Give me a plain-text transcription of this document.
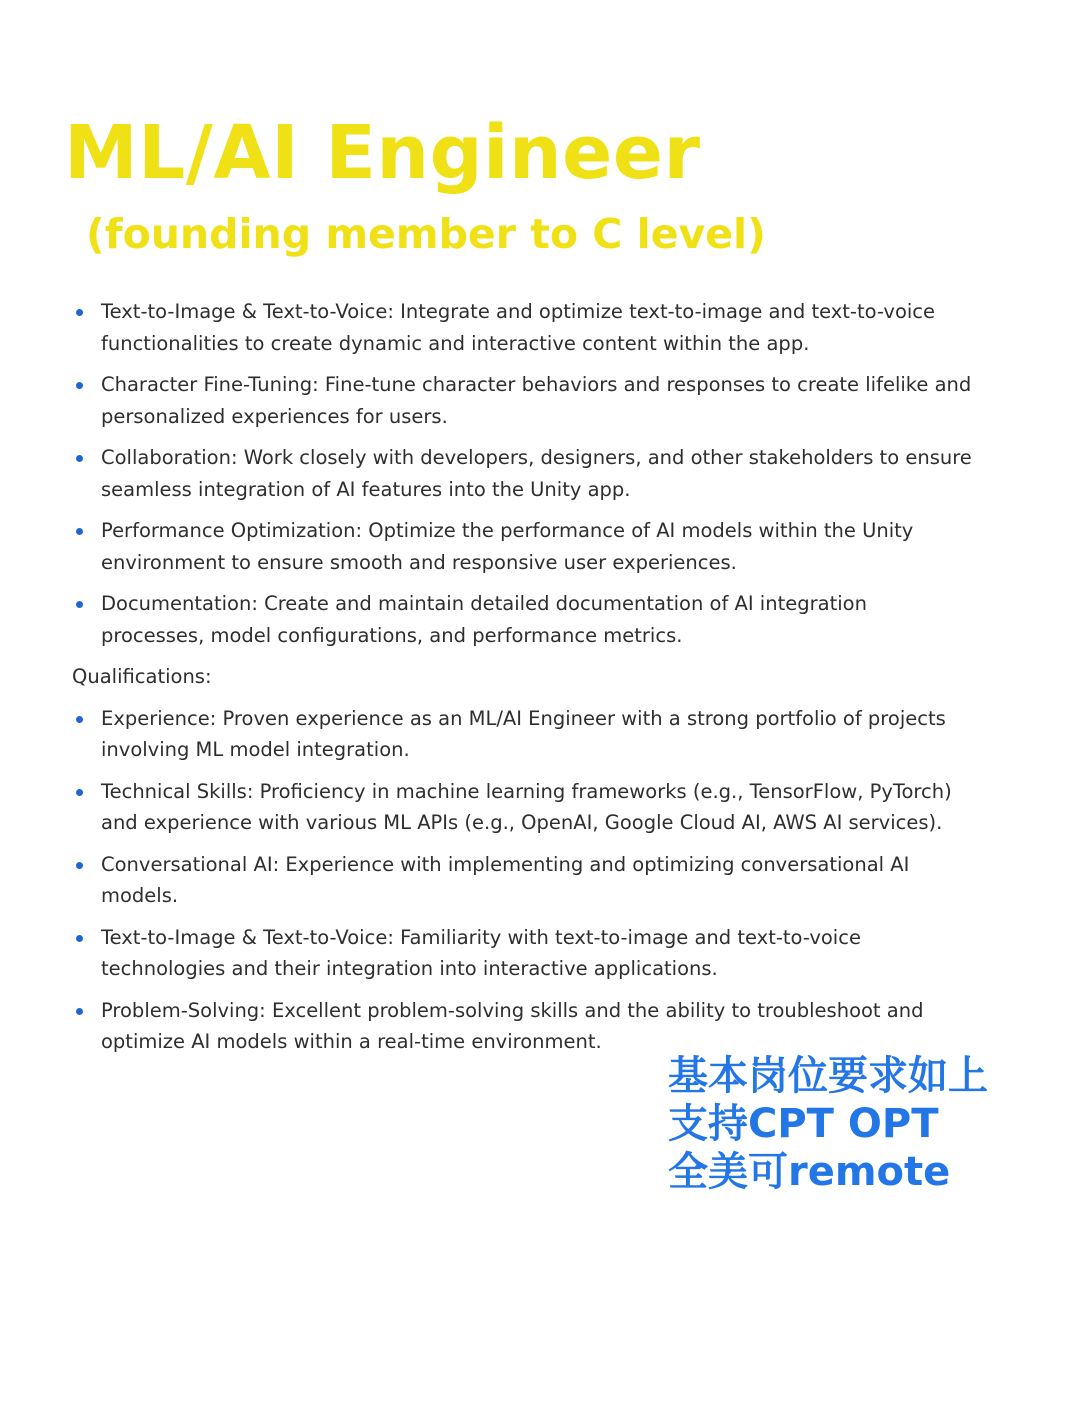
ML/AI Engineer
(founding member to C level)
Text-to-Image & Text-to-Voice: Integrate and optimize text-to-image and text-to-voice functionalities to create dynamic and interactive content within the app.
Character Fine-Tuning: Fine-tune character behaviors and responses to create lifelike and personalized experiences for users.
Collaboration: Work closely with developers, designers, and other stakeholders to ensure seamless integration of AI features into the Unity app.
Performance Optimization: Optimize the performance of AI models within the Unity environment to ensure smooth and responsive user experiences.
Documentation: Create and maintain detailed documentation of AI integration processes, model configurations, and performance metrics.
Qualifications:
Experience: Proven experience as an ML/AI Engineer with a strong portfolio of projects involving ML model integration.
Technical Skills: Proficiency in machine learning frameworks (e.g., TensorFlow, PyTorch) and experience with various ML APIs (e.g., OpenAI, Google Cloud AI, AWS AI services).
Conversational AI: Experience with implementing and optimizing conversational AI models.
Text-to-Image & Text-to-Voice: Familiarity with text-to-image and text-to-voice technologies and their integration into interactive applications.
Problem-Solving: Excellent problem-solving skills and the ability to troubleshoot and optimize AI models within a real-time environment.
基本岗位要求如上
支持CPT OPT
全美可remote
